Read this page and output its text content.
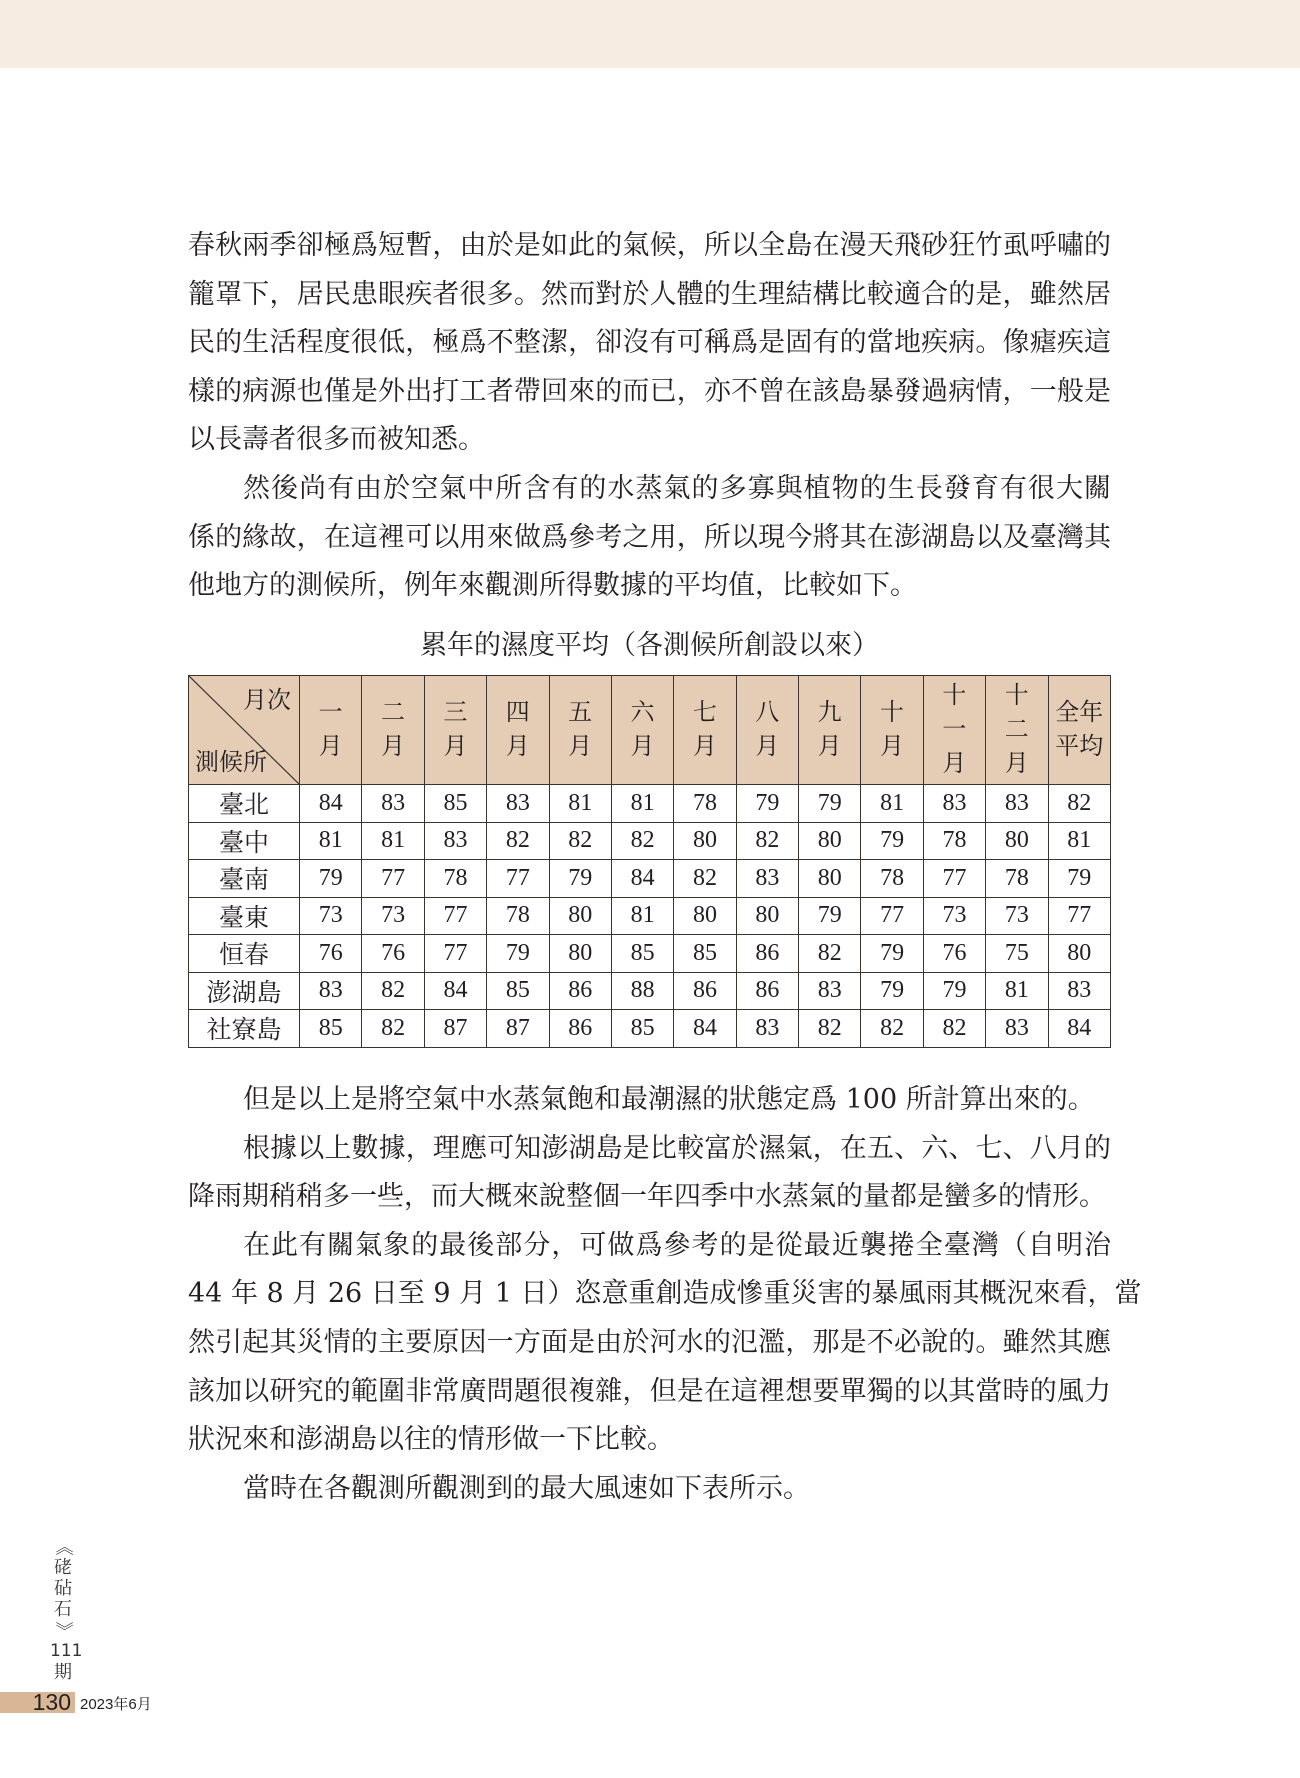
春秋兩季卻極爲短暫，由於是如此的氣候，所以全島在漫天飛砂狂竹虱呼嘯的
籠罩下，居民患眼疾者很多。然而對於人體的生理結構比較適合的是，雖然居
民的生活程度很低，極爲不整潔，卻沒有可稱爲是固有的當地疾病。像瘧疾這
樣的病源也僅是外出打工者帶回來的而已，亦不曾在該島暴發過病情，一般是
以長壽者很多而被知悉。
然後尚有由於空氣中所含有的水蒸氣的多寡與植物的生長發育有很大關
係的緣故，在這裡可以用來做爲參考之用，所以現今將其在澎湖島以及臺灣其
他地方的測候所，例年來觀測所得數據的平均值，比較如下。
累年的濕度平均（各測候所創設以來）
月次
測候所	一月	二月	三月	四月	五月	六月	七月	八月	九月	十月	十一月	十二月	全年平均
臺北	84	83	85	83	81	81	78	79	79	81	83	83	82
臺中	81	81	83	82	82	82	80	82	80	79	78	80	81
臺南	79	77	78	77	79	84	82	83	80	78	77	78	79
臺東	73	73	77	78	80	81	80	80	79	77	73	73	77
恒春	76	76	77	79	80	85	85	86	82	79	76	75	80
澎湖島	83	82	84	85	86	88	86	86	83	79	79	81	83
社寮島	85	82	87	87	86	85	84	83	82	82	82	83	84
但是以上是將空氣中水蒸氣飽和最潮濕的狀態定爲 100 所計算出來的。
根據以上數據，理應可知澎湖島是比較富於濕氣，在五、六、七、八月的
降雨期稍稍多一些，而大概來說整個一年四季中水蒸氣的量都是蠻多的情形。
在此有關氣象的最後部分，可做爲參考的是從最近襲捲全臺灣（自明治
44 年 8 月 26 日至 9 月 1 日）恣意重創造成慘重災害的暴風雨其概況來看，當
然引起其災情的主要原因一方面是由於河水的氾濫，那是不必說的。雖然其應
該加以研究的範圍非常廣問題很複雜，但是在這裡想要單獨的以其當時的風力
狀況來和澎湖島以往的情形做一下比較。
當時在各觀測所觀測到的最大風速如下表所示。
《
硓
砧
石
》
111
期
130 2023年6月
